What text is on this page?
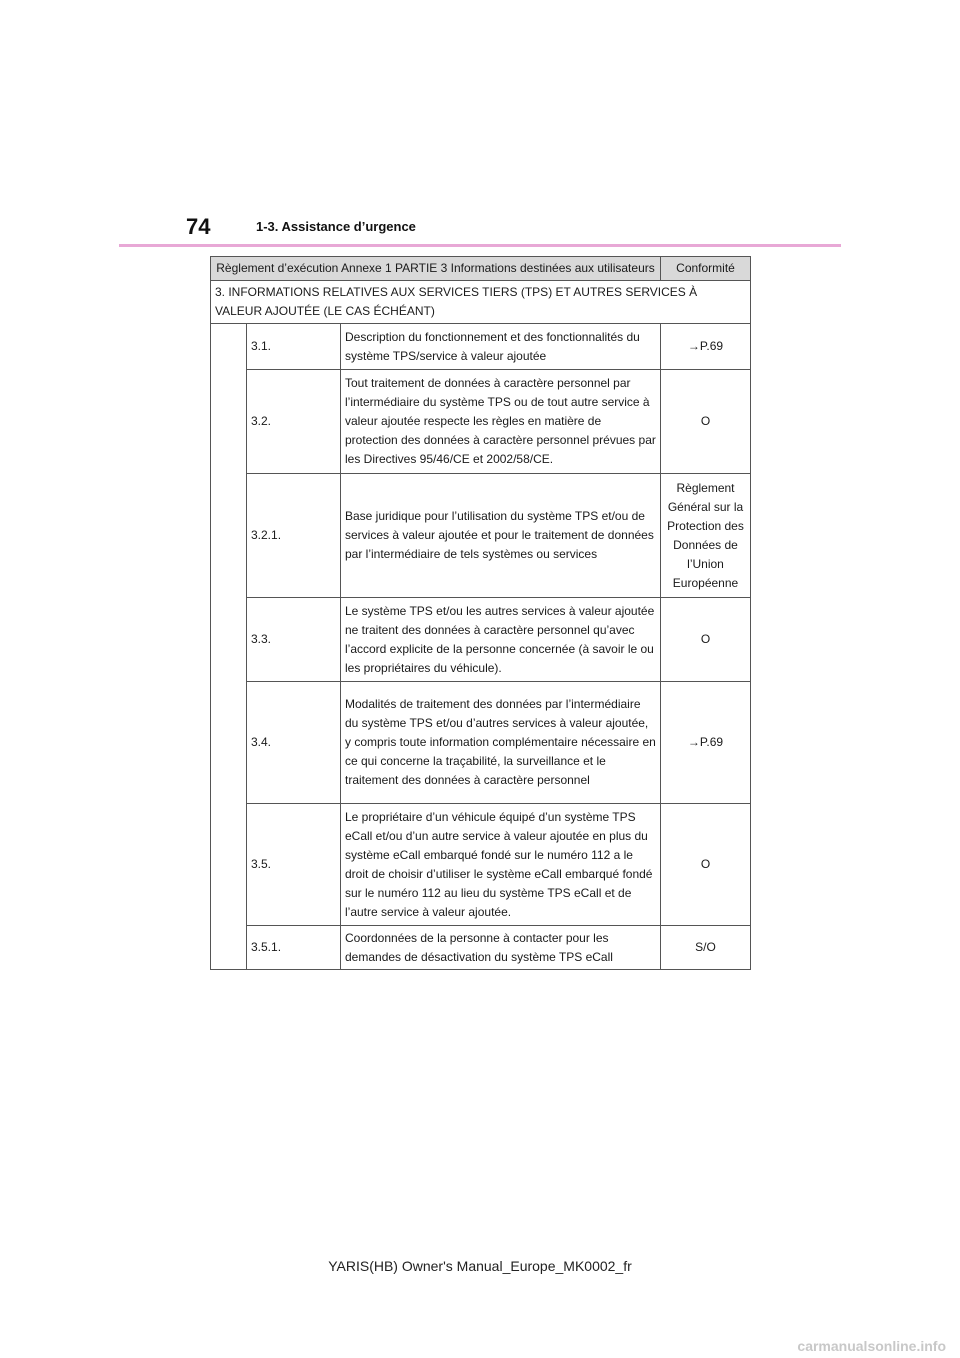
74	1-3. Assistance d’urgence
Règlement d’exécution Annexe 1 PARTIE 3 Informations destinées aux utilisateurs			Conformité
3. INFORMATIONS RELATIVES AUX SERVICES TIERS (TPS) ET AUTRES SERVICES À VALEUR AJOUTÉE (LE CAS ÉCHÉANT)			
	3.1.	Description du fonctionnement et des fonctionnalités du système TPS/service à valeur ajoutée	→P.69
	3.2.	Tout traitement de données à caractère personnel par l’intermédiaire du système TPS ou de tout autre service à valeur ajoutée respecte les règles en matière de protection des données à caractère personnel prévues par les Directives 95/46/CE et 2002/58/CE.	O
	3.2.1.	Base juridique pour l’utilisation du système TPS et/ou de services à valeur ajoutée et pour le traitement de données par l’intermédiaire de tels systèmes ou services	Règlement Général sur la Protection des Données de l’Union Européenne
	3.3.	Le système TPS et/ou les autres services à valeur ajoutée ne traitent des données à caractère personnel qu’avec l’accord explicite de la personne concernée (à savoir le ou les propriétaires du véhicule).	O
	3.4.	Modalités de traitement des données par l’intermédiaire du système TPS et/ou d’autres services à valeur ajoutée, y compris toute information complémentaire nécessaire en ce qui concerne la traçabilité, la surveillance et le traitement des données à caractère personnel	→P.69
	3.5.	Le propriétaire d’un véhicule équipé d’un système TPS eCall et/ou d’un autre service à valeur ajoutée en plus du système eCall embarqué fondé sur le numéro 112 a le droit de choisir d’utiliser le système eCall embarqué fondé sur le numéro 112 au lieu du système TPS eCall et de l’autre service à valeur ajoutée.	O
	3.5.1.	Coordonnées de la personne à contacter pour les demandes de désactivation du système TPS eCall	S/O
YARIS(HB) Owner's Manual_Europe_MK0002_fr
carmanualsonline.info
